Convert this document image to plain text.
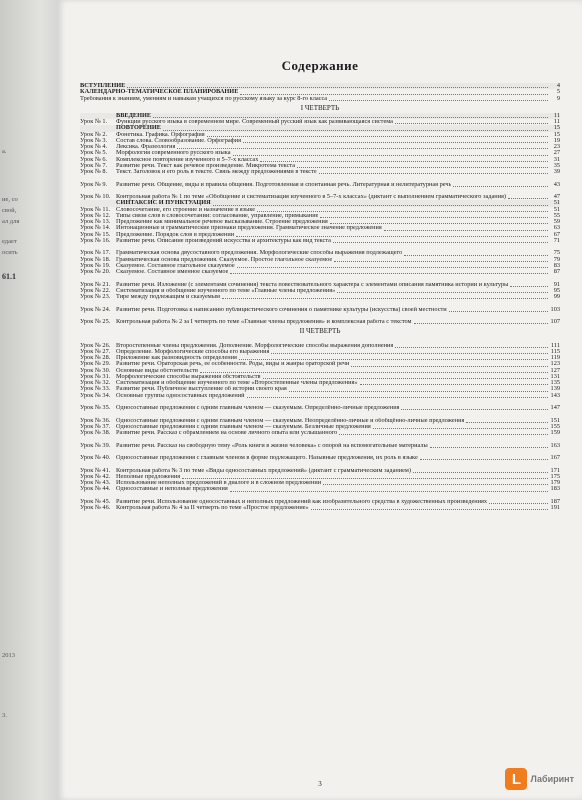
а.
ие, со
свой,
ал для
едает
осить
61.1
2013
3.
Содержание
ВСТУПЛЕНИЕ	4
КАЛЕНДАРНО-ТЕМАТИЧЕСКОЕ ПЛАНИРОВАНИЕ	5
Требования к знаниям, умениям и навыкам учащихся по русскому языку за курс 8-го класса	9
I ЧЕТВЕРТЬ
ВВЕДЕНИЕ	11
Урок № 1.	Функции русского языка в современном мире. Современный русский язык как развивающаяся система	11
ПОВТОРЕНИЕ	15
Урок № 2.	Фонетика. Графика. Орфография	15
Урок № 3.	Состав слова. Словообразование. Орфография	19
Урок № 4.	Лексика. Фразеология	23
Урок № 5.	Морфология современного русского языка	27
Урок № 6.	Комплексное повторение изученного в 5–7-х классах	31
Урок № 7.	Развитие речи. Текст как речевое произведение. Микротема текста	35
Урок № 8.	Текст. Заголовок и его роль в тексте. Связь между предложениями в тексте	39
Урок № 9.	Развитие речи. Общение, виды и правила общения. Подготовленная и спонтанная речь. Литературная и нелитературная речь	43
Урок № 10. Контрольная работа № 1 по теме «Обобщение и систематизация изученного в 5–7-х классах» (диктант с выполнением грамматического задания)	47
СИНТАКСИС И ПУНКТУАЦИЯ	51
Урок № 11. Словосочетание, его строение и назначение в языке	51
Урок № 12. Типы связи слов в словосочетании: согласование, управление, примыкание	55
Урок № 13. Предложение как минимальное речевое высказывание. Строение предложения	59
Урок № 14. Интонационные и грамматические признаки предложения. Грамматическое значение предложения	63
Урок № 15. Предложение. Порядок слов в предложении	67
Урок № 16. Развитие речи. Описание произведений искусства и архитектуры как вид текста	71
Урок № 17. Грамматическая основа двусоставного предложения. Морфологические способы выражения подлежащего	75
Урок № 18. Грамматическая основа предложения. Сказуемое. Простое глагольное сказуемое	79
Урок № 19. Сказуемое. Составное глагольное сказуемое	83
Урок № 20. Сказуемое. Составное именное сказуемое	87
Урок № 21. Развитие речи. Изложение (с элементами сочинения) текста повествовательного характера с элементами описания памятника истории и культуры	91
Урок № 22. Систематизация и обобщение изученного по теме «Главные члены предложения»	95
Урок № 23. Тире между подлежащим и сказуемым	99
Урок № 24. Развитие речи. Подготовка к написанию публицистического сочинения о памятнике культуры (искусства) своей местности	103
Урок № 25. Контрольная работа № 2 за I четверть по теме «Главные члены предложения» и комплексная работа с текстом	107
II ЧЕТВЕРТЬ
Урок № 26. Второстепенные члены предложения. Дополнение. Морфологические способы выражения дополнения	111
Урок № 27. Определение. Морфологические способы его выражения	115
Урок № 28. Приложение как разновидность определения	119
Урок № 29. Развитие речи. Ораторская речь, ее особенности. Роды, виды и жанры ораторской речи	123
Урок № 30. Основные виды обстоятельств	127
Урок № 31. Морфологические способы выражения обстоятельств	131
Урок № 32. Систематизация и обобщение изученного по теме «Второстепенные члены предложения»	135
Урок № 33. Развитие речи. Публичное выступление об истории своего края	139
Урок № 34. Основные группы односоставных предложений	143
Урок № 35. Односоставные предложения с одним главным членом — сказуемым. Определённо-личные предложения	147
Урок № 36. Односоставные предложения с одним главным членом — сказуемым. Неопределённо-личные и обобщённо-личные предложения	151
Урок № 37. Односоставные предложения с одним главным членом — сказуемым. Безличные предложения	155
Урок № 38. Развитие речи. Рассказ с обрамлением на основе личного опыта или услышанного	159
Урок № 39. Развитие речи. Рассказ на свободную тему «Роль книги в жизни человека» с опорой на вспомогательные материалы	163
Урок № 40. Односоставные предложения с главным членом в форме подлежащего. Назывные предложения, их роль в языке	167
Урок № 41. Контрольная работа № 3 по теме «Виды односоставных предложений» (диктант с грамматическим заданием)	171
Урок № 42. Неполные предложения	175
Урок № 43. Использование неполных предложений в диалоге и в сложном предложении	179
Урок № 44. Односоставные и неполные предложения	183
Урок № 45. Развитие речи. Использование односоставных и неполных предложений как изобразительного средства в художественных произведениях	187
Урок № 46. Контрольная работа № 4 за II четверть по теме «Простое предложение»	191
3	L	Лабиринт
